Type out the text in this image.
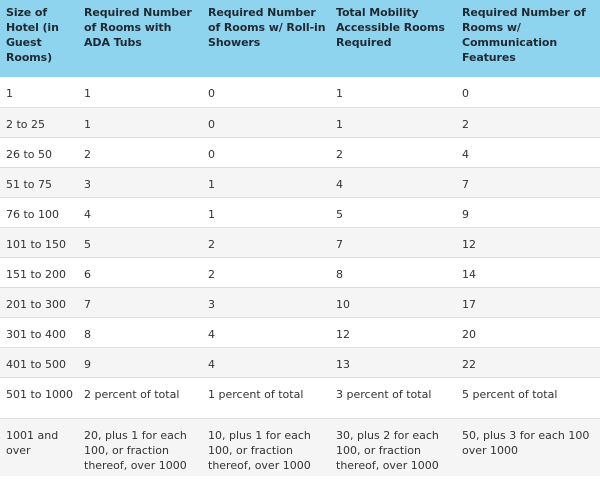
Size of Hotel (in Guest Rooms)	Required Number of Rooms with ADA Tubs	Required Number of Rooms w/ Roll-in Showers	Total Mobility Accessible Rooms Required	Required Number of Rooms w/ Communication Features
1	1	0	1	0
2 to 25	1	0	1	2
26 to 50	2	0	2	4
51 to 75	3	1	4	7
76 to 100	4	1	5	9
101 to 150	5	2	7	12
151 to 200	6	2	8	14
201 to 300	7	3	10	17
301 to 400	8	4	12	20
401 to 500	9	4	13	22
501 to 1000	2 percent of total	1 percent of total	3 percent of total	5 percent of total
1001 and over	20, plus 1 for each 100, or fraction thereof, over 1000	10, plus 1 for each 100, or fraction thereof, over 1000	30, plus 2 for each 100, or fraction thereof, over 1000	50, plus 3 for each 100 over 1000
